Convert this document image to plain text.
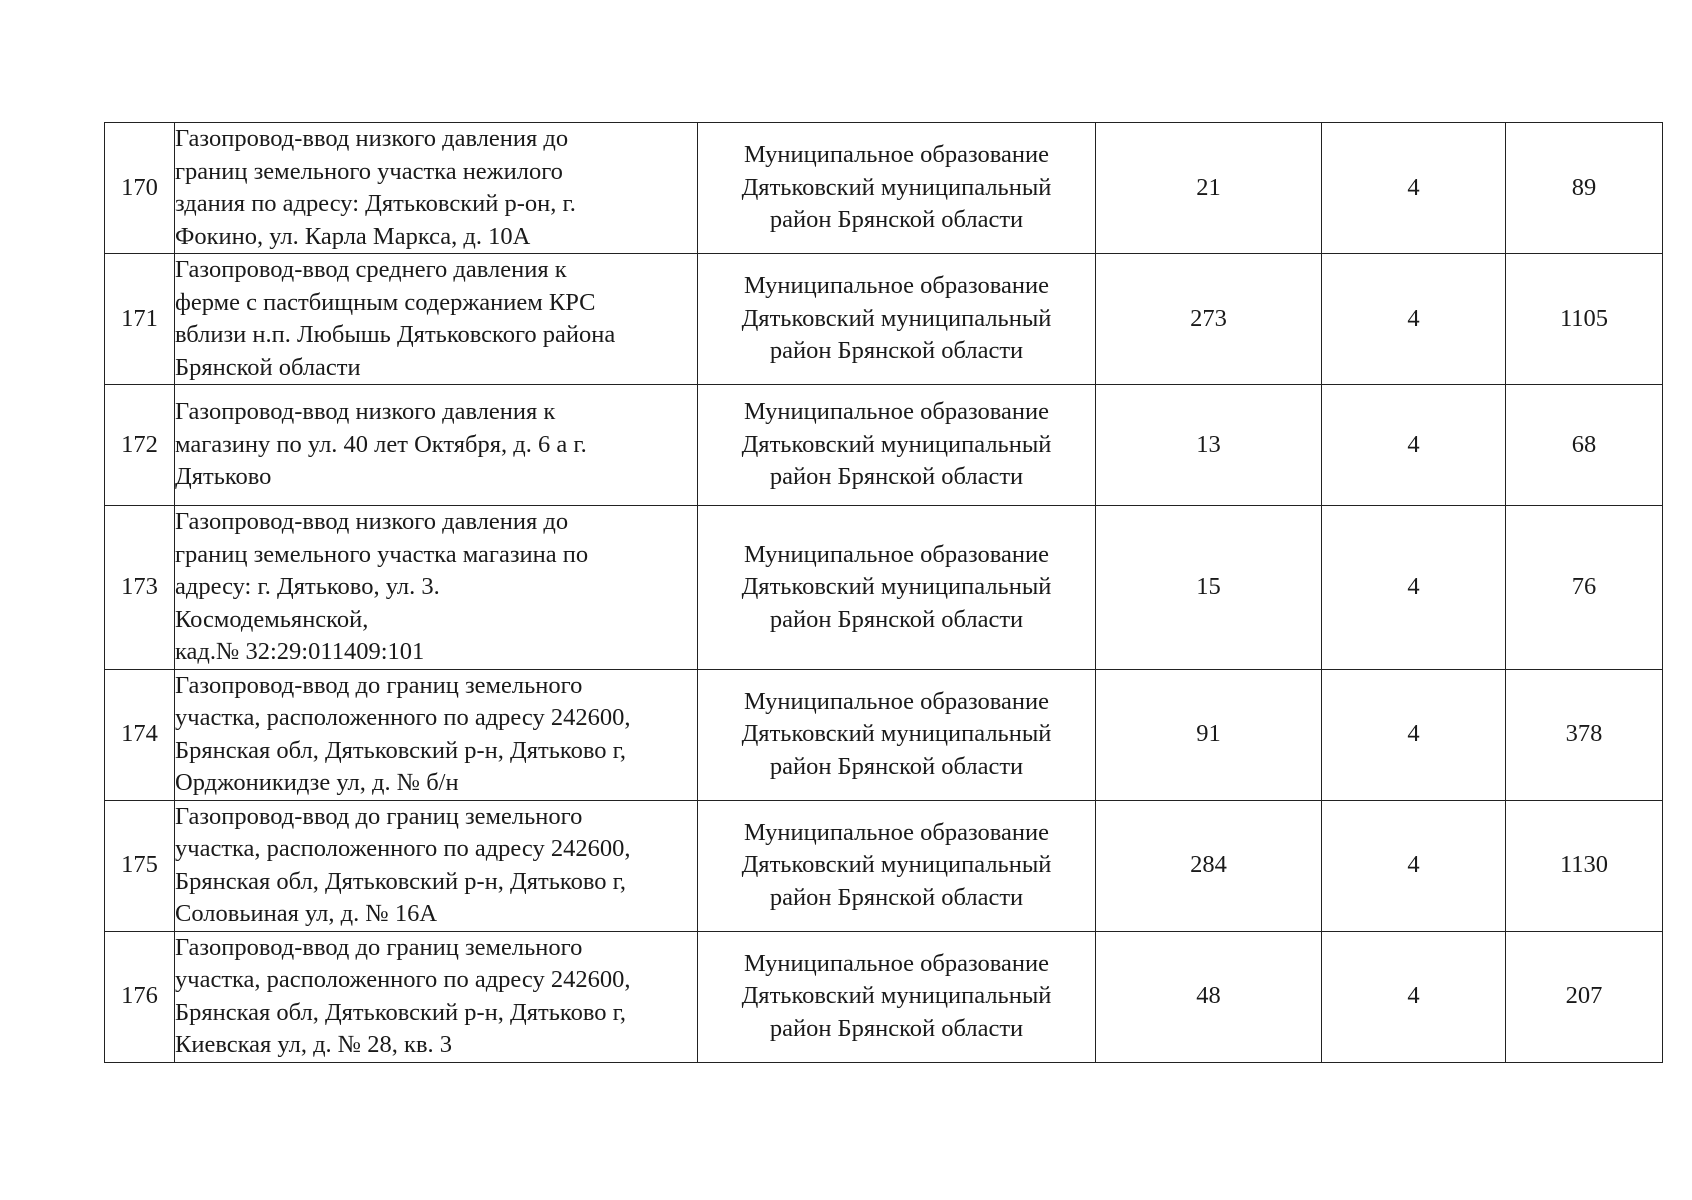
170	Газопровод-ввод низкого давления до
границ земельного участка нежилого
здания по адресу: Дятьковский р-он, г.
Фокино, ул. Карла Маркса, д. 10А	Муниципальное образование
Дятьковский муниципальный
район Брянской области	21	4	89
171	Газопровод-ввод среднего давления к
ферме с пастбищным содержанием КРС
вблизи н.п. Любышь Дятьковского района
Брянской области	Муниципальное образование
Дятьковский муниципальный
район Брянской области	273	4	1105
172	Газопровод-ввод низкого давления к
магазину по ул. 40 лет Октября, д. 6 а г.
Дятьково	Муниципальное образование
Дятьковский муниципальный
район Брянской области	13	4	68
173	Газопровод-ввод низкого давления до
границ земельного участка магазина по
адресу: г. Дятьково, ул. 3.
Космодемьянской,
кад.№ 32:29:011409:101	Муниципальное образование
Дятьковский муниципальный
район Брянской области	15	4	76
174	Газопровод-ввод до границ земельного
участка, расположенного по адресу 242600,
Брянская обл, Дятьковский р-н, Дятьково г,
Орджоникидзе ул, д. № б/н	Муниципальное образование
Дятьковский муниципальный
район Брянской области	91	4	378
175	Газопровод-ввод до границ земельного
участка, расположенного по адресу 242600,
Брянская обл, Дятьковский р-н, Дятьково г,
Соловьиная ул, д. № 16А	Муниципальное образование
Дятьковский муниципальный
район Брянской области	284	4	1130
176	Газопровод-ввод до границ земельного
участка, расположенного по адресу 242600,
Брянская обл, Дятьковский р-н, Дятьково г,
Киевская ул, д. № 28, кв. 3	Муниципальное образование
Дятьковский муниципальный
район Брянской области	48	4	207
